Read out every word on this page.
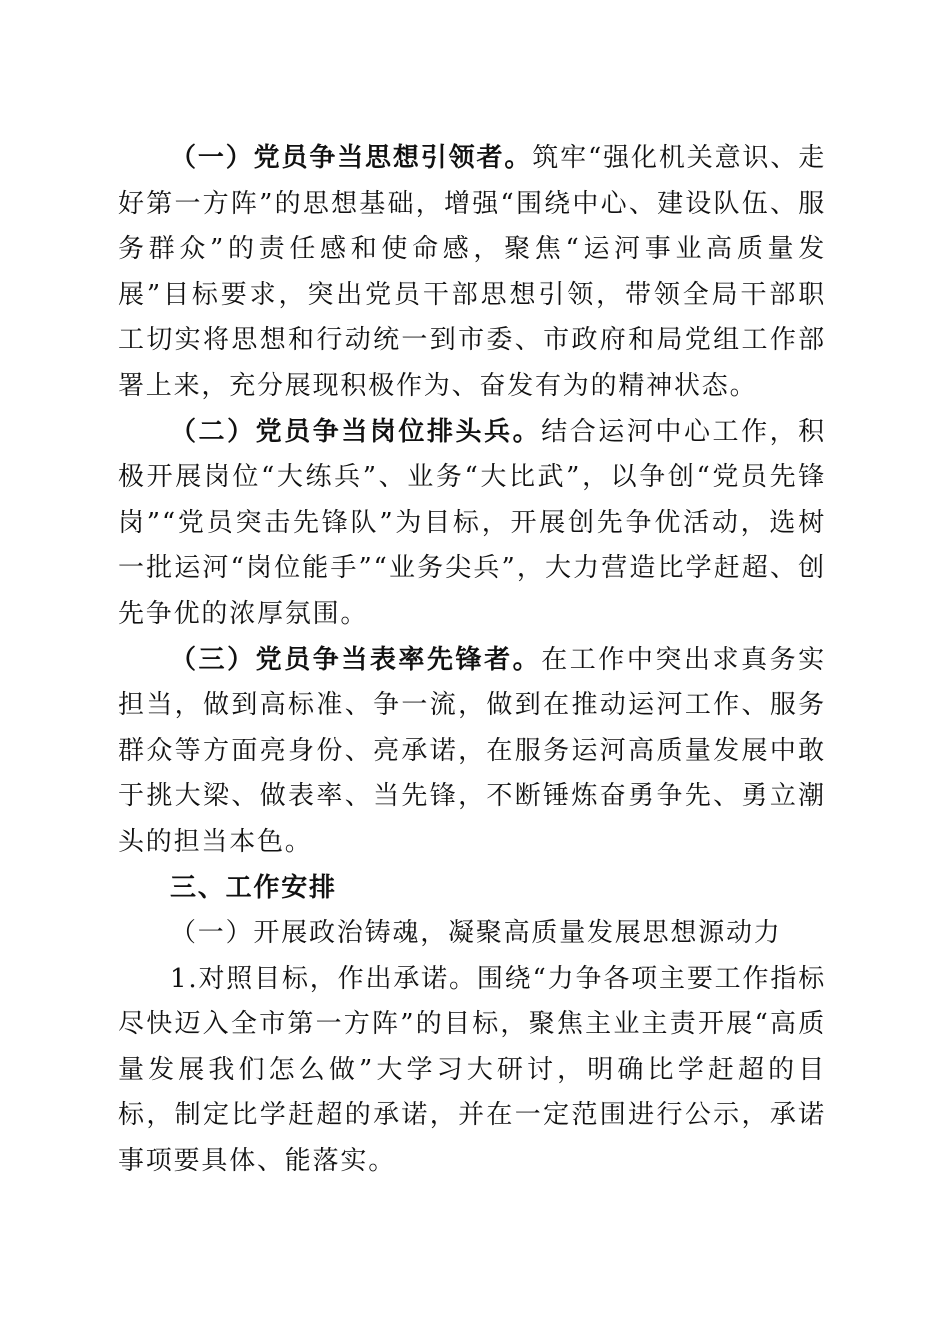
（一）党员争当思想引领者。筑牢“强化机关意识、走好第一方阵”的思想基础，增强“围绕中心、建设队伍、服务群众”的责任感和使命感，聚焦“运河事业高质量发展”目标要求，突出党员干部思想引领，带领全局干部职工切实将思想和行动统一到市委、市政府和局党组工作部署上来，充分展现积极作为、奋发有为的精神状态。

（二）党员争当岗位排头兵。结合运河中心工作，积极开展岗位“大练兵”、业务“大比武”，以争创“党员先锋岗”“党员突击先锋队”为目标，开展创先争优活动，选树一批运河“岗位能手”“业务尖兵”，大力营造比学赶超、创先争优的浓厚氛围。

（三）党员争当表率先锋者。在工作中突出求真务实担当，做到高标准、争一流，做到在推动运河工作、服务群众等方面亮身份、亮承诺，在服务运河高质量发展中敢于挑大梁、做表率、当先锋，不断锤炼奋勇争先、勇立潮头的担当本色。

三、工作安排

（一）开展政治铸魂，凝聚高质量发展思想源动力

1.对照目标，作出承诺。围绕“力争各项主要工作指标尽快迈入全市第一方阵”的目标，聚焦主业主责开展“高质量发展我们怎么做”大学习大研讨，明确比学赶超的目标，制定比学赶超的承诺，并在一定范围进行公示，承诺事项要具体、能落实。
